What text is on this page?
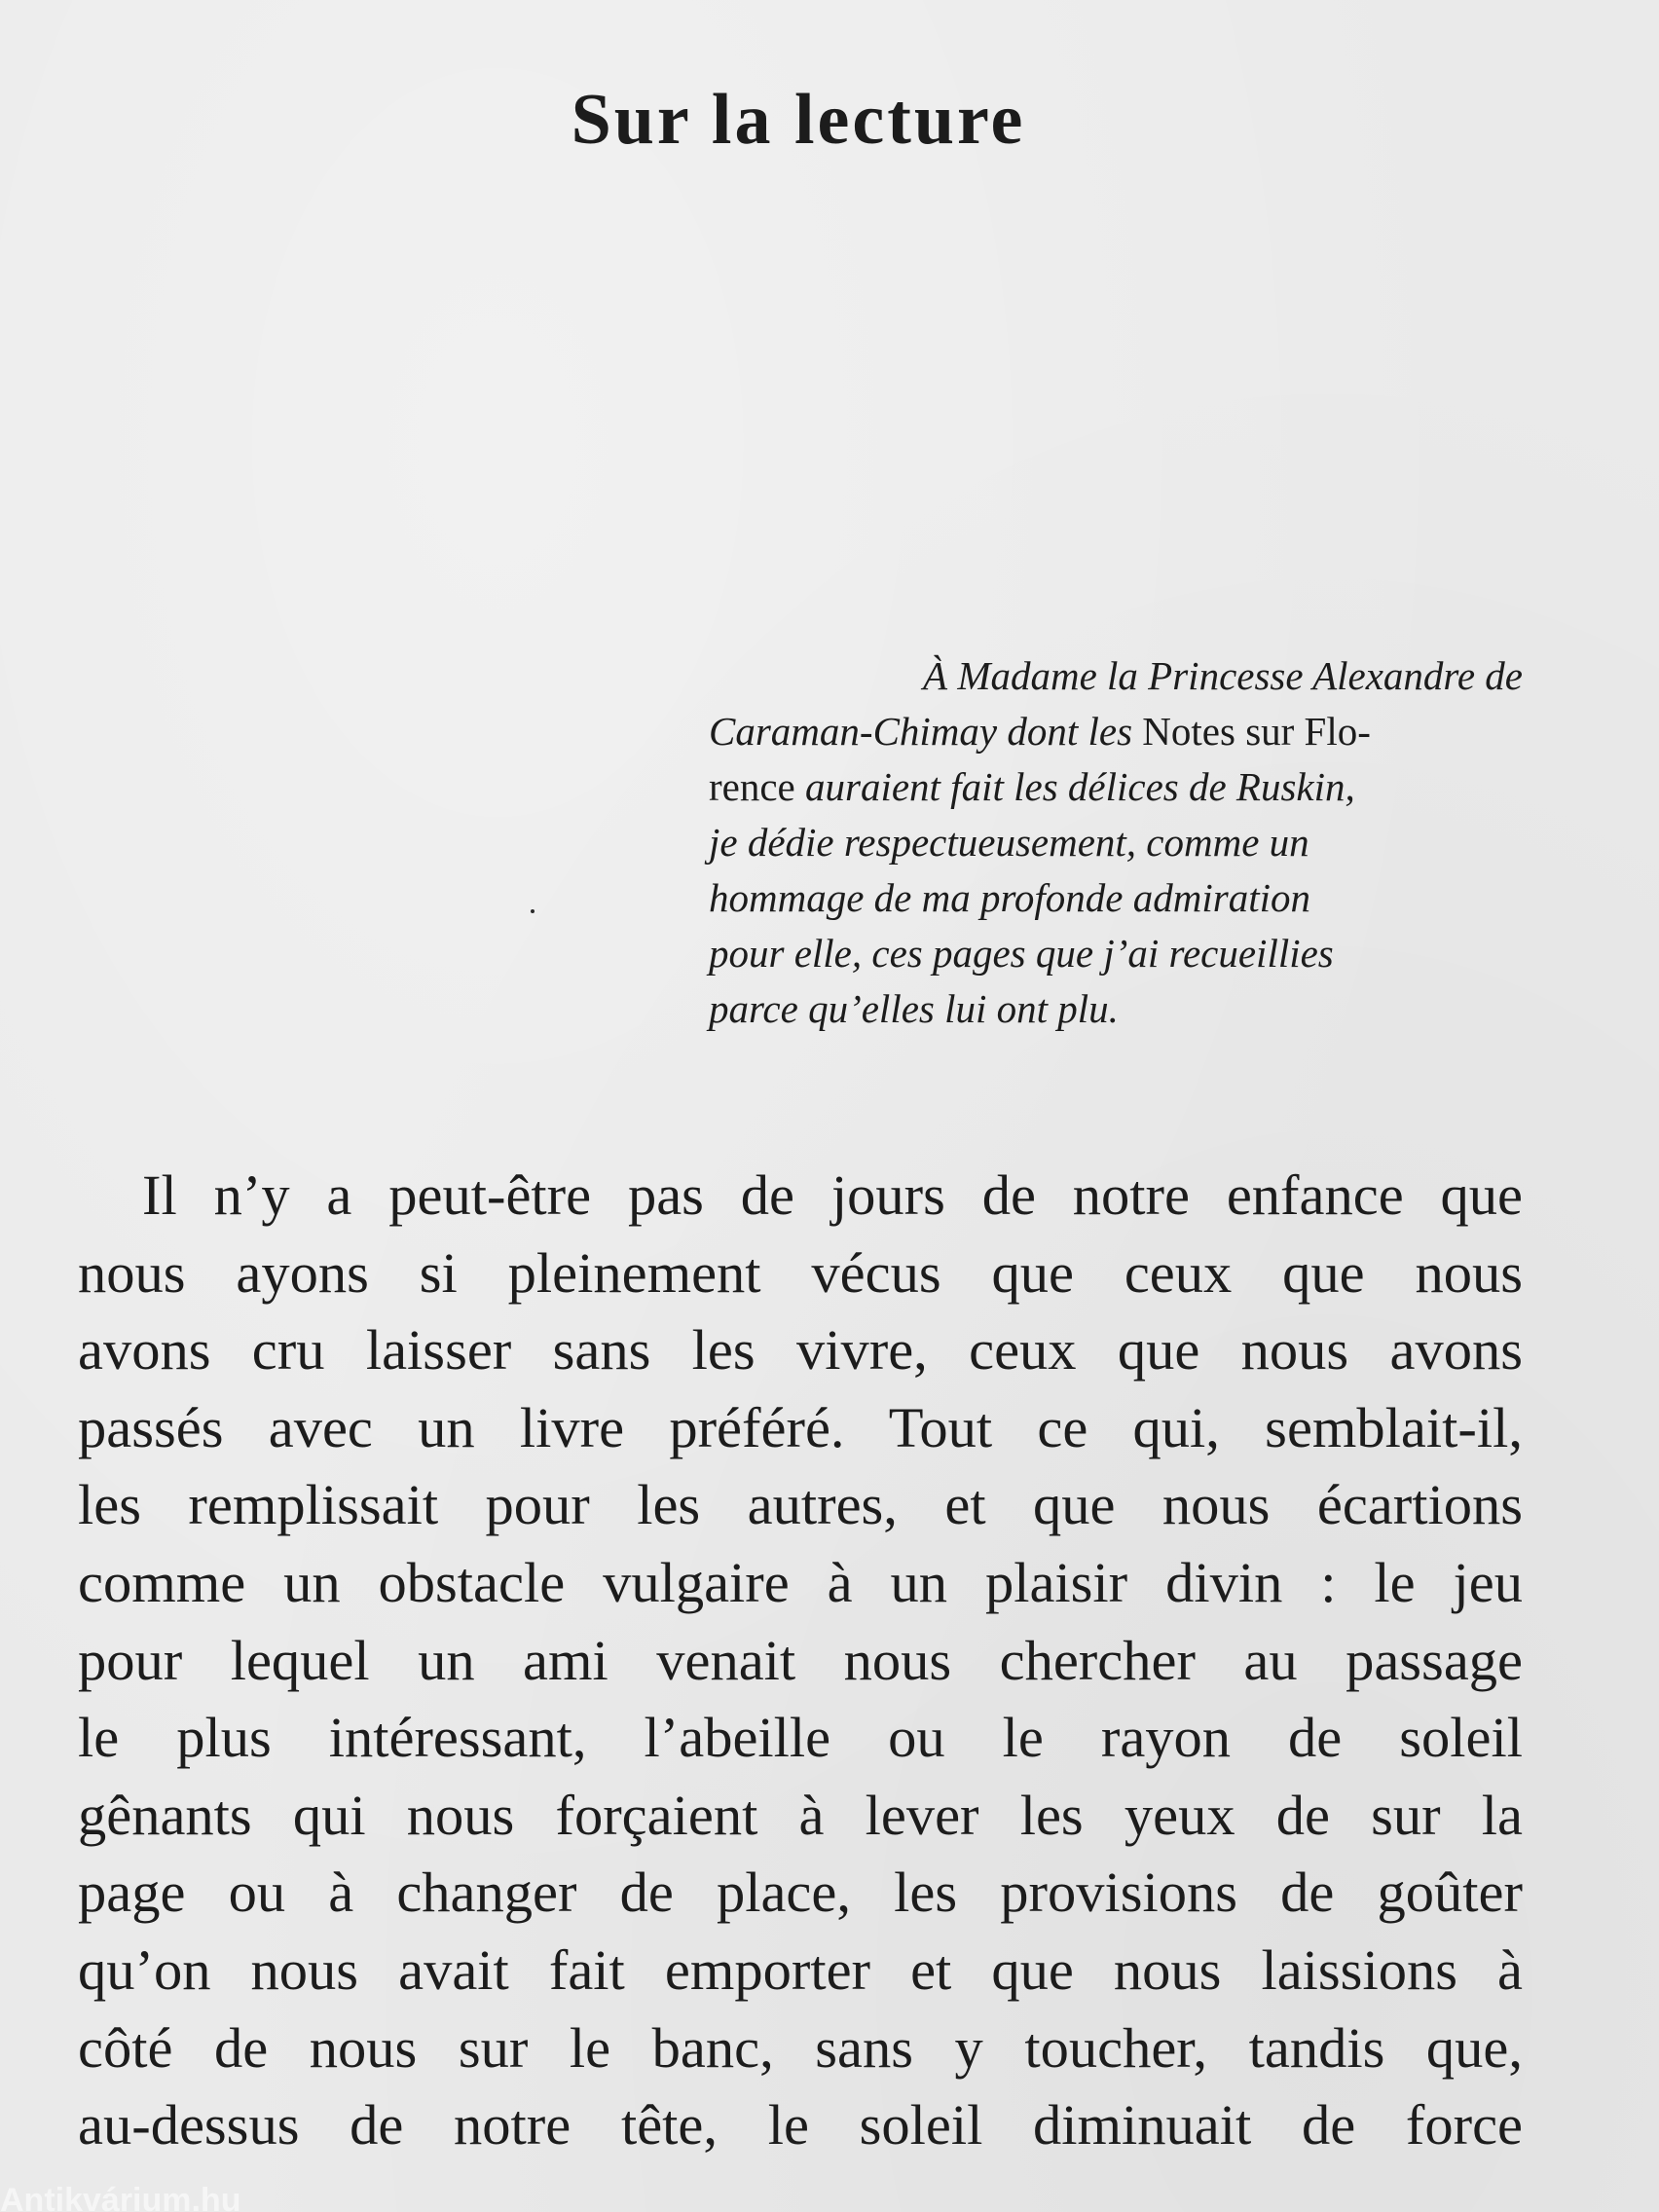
Sur la lecture

À Madame la Princesse Alexandre de
Caraman-Chimay dont les Notes sur Flo-
rence auraient fait les délices de Ruskin,
je dédie respectueusement, comme un
hommage de ma profonde admiration
pour elle, ces pages que j’ai recueillies
parce qu’elles lui ont plu.

Il n’y a peut-être pas de jours de notre enfance que
nous ayons si pleinement vécus que ceux que nous
avons cru laisser sans les vivre, ceux que nous avons
passés avec un livre préféré. Tout ce qui, semblait-il,
les remplissait pour les autres, et que nous écartions
comme un obstacle vulgaire à un plaisir divin : le jeu
pour lequel un ami venait nous chercher au passage
le plus intéressant, l’abeille ou le rayon de soleil
gênants qui nous forçaient à lever les yeux de sur la
page ou à changer de place, les provisions de goûter
qu’on nous avait fait emporter et que nous laissions à
côté de nous sur le banc, sans y toucher, tandis que,
au-dessus de notre tête, le soleil diminuait de force
Antikvárium.hu
